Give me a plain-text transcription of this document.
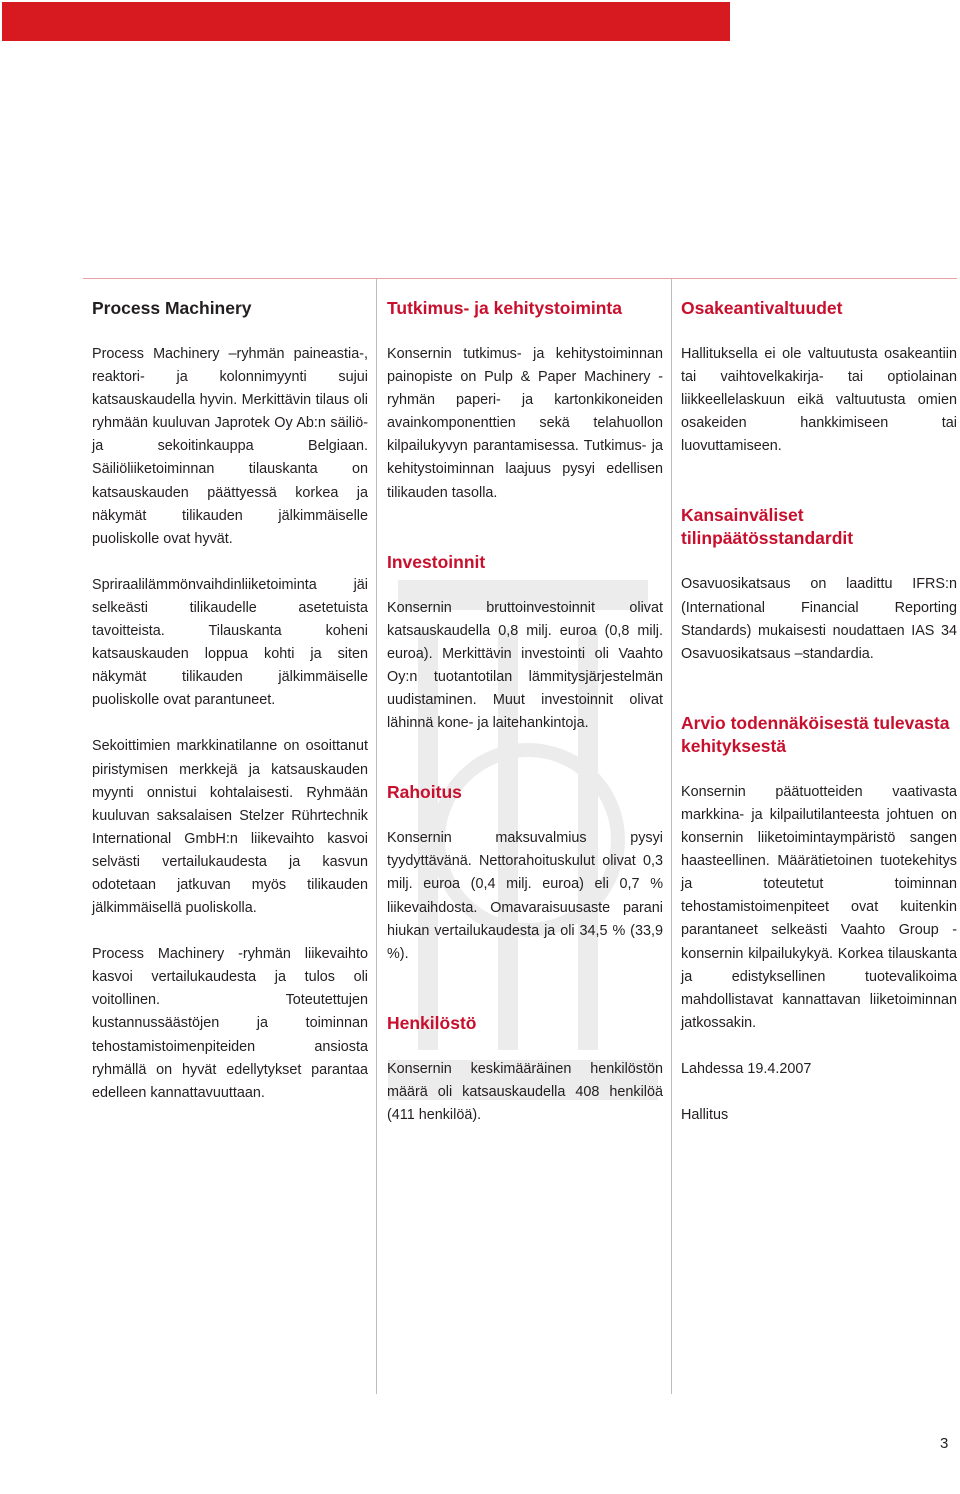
Process Machinery

Process Machinery –ryhmän paineastia-, reaktori- ja kolonnimyynti sujui katsauskaudella hyvin. Merkittävin tilaus oli ryhmään kuuluvan Japrotek Oy Ab:n säiliö- ja sekoitinkauppa Belgiaan. Säiliöliiketoiminnan tilauskanta on katsauskauden päättyessä korkea ja näkymät tilikauden jälkimmäiselle puoliskolle ovat hyvät.

Spriraalilämmönvaihdinliiketoiminta jäi selkeästi tilikaudelle asetetuista tavoitteista. Tilauskanta koheni katsauskauden loppua kohti ja siten näkymät tilikauden jälkimmäiselle puoliskolle ovat parantuneet.

Sekoittimien markkinatilanne on osoittanut piristymisen merkkejä ja katsauskauden myynti onnistui kohtalaisesti. Ryhmään kuuluvan saksalaisen Stelzer Rührtechnik International GmbH:n liikevaihto kasvoi selvästi vertailukaudesta ja kasvun odotetaan jatkuvan myös tilikauden jälkimmäisellä puoliskolla.

Process Machinery -ryhmän liikevaihto kasvoi vertailukaudesta ja tulos oli voitollinen. Toteutettujen kustannussäästöjen ja toiminnan tehostamistoimenpiteiden ansiosta ryhmällä on hyvät edellytykset parantaa edelleen kannattavuuttaan.

Tutkimus- ja kehitystoiminta

Konsernin tutkimus- ja kehitystoiminnan painopiste on Pulp & Paper Machinery -ryhmän paperi- ja kartonkikoneiden avainkomponenttien sekä telahuollon kilpailukyvyn parantamisessa. Tutkimus- ja kehitystoiminnan laajuus pysyi edellisen tilikauden tasolla.

Investoinnit

Konsernin bruttoinvestoinnit olivat katsauskaudella 0,8 milj. euroa (0,8 milj. euroa). Merkittävin investointi oli Vaahto Oy:n tuotantotilan lämmitysjärjestelmän uudistaminen. Muut investoinnit olivat lähinnä kone- ja laitehankintoja.

Rahoitus

Konsernin maksuvalmius pysyi tyydyttävänä. Nettorahoituskulut olivat 0,3 milj. euroa (0,4 milj. euroa) eli 0,7 % liikevaihdosta. Omavaraisuusaste parani hiukan vertailukaudesta ja oli 34,5 % (33,9 %).

Henkilöstö

Konsernin keskimääräinen henkilöstön määrä oli katsauskaudella 408 henkilöä (411 henkilöä).

Osakeantivaltuudet

Hallituksella ei ole valtuutusta osakeantiin tai vaihtovelkakirja- tai optiolainan liikkeellelaskuun eikä valtuutusta omien osakeiden hankkimiseen tai luovuttamiseen.

Kansainväliset tilinpäätösstandardit

Osavuosikatsaus on laadittu IFRS:n (International Financial Reporting Standards) mukaisesti noudattaen IAS 34 Osavuosikatsaus –standardia.

Arvio todennäköisestä tulevasta kehityksestä

Konsernin päätuotteiden vaativasta markkina- ja kilpailutilanteesta johtuen on konsernin liiketoimintaympäristö sangen haasteellinen. Määrätietoinen tuotekehitys ja toteutetut toiminnan tehostamistoimenpiteet ovat kuitenkin parantaneet selkeästi Vaahto Group -konsernin kilpailukykyä. Korkea tilauskanta ja edistyksellinen tuotevalikoima mahdollistavat kannattavan liiketoiminnan jatkossakin.

Lahdessa 19.4.2007

Hallitus

3
